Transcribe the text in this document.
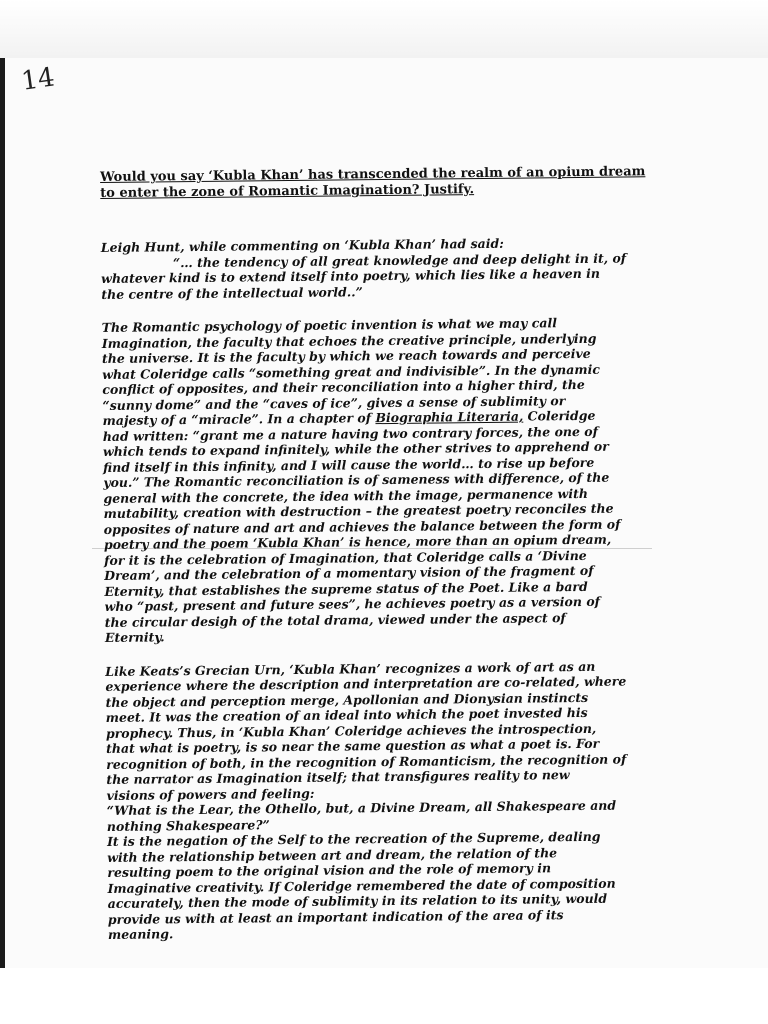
14
Would you say ‘Kubla Khan’ has transcended the realm of an opium dream
to enter the zone of Romantic Imagination? Justify.
Leigh Hunt, while commenting on ‘Kubla Khan’ had said:
“… the tendency of all great knowledge and deep delight in it, of
whatever kind is to extend itself into poetry, which lies like a heaven in
the centre of the intellectual world..”
The Romantic psychology of poetic invention is what we may call
Imagination, the faculty that echoes the creative principle, underlying
the universe. It is the faculty by which we reach towards and perceive
what Coleridge calls “something great and indivisible”. In the dynamic
conflict of opposites, and their reconciliation into a higher third, the
“sunny dome” and the “caves of ice”, gives a sense of sublimity or
majesty of a “miracle”. In a chapter of Biographia Literaria, Coleridge
had written: “grant me a nature having two contrary forces, the one of
which tends to expand infinitely, while the other strives to apprehend or
find itself in this infinity, and I will cause the world… to rise up before
you.” The Romantic reconciliation is of sameness with difference, of the
general with the concrete, the idea with the image, permanence with
mutability, creation with destruction – the greatest poetry reconciles the
opposites of nature and art and achieves the balance between the form of
poetry and the poem ‘Kubla Khan’ is hence, more than an opium dream,
for it is the celebration of Imagination, that Coleridge calls a ‘Divine
Dream’, and the celebration of a momentary vision of the fragment of
Eternity, that establishes the supreme status of the Poet. Like a bard
who “past, present and future sees”, he achieves poetry as a version of
the circular desigh of the total drama, viewed under the aspect of
Eternity.
Like Keats’s Grecian Urn, ‘Kubla Khan’ recognizes a work of art as an
experience where the description and interpretation are co-related, where
the object and perception merge, Apollonian and Dionysian instincts
meet. It was the creation of an ideal into which the poet invested his
prophecy. Thus, in ‘Kubla Khan’ Coleridge achieves the introspection,
that what is poetry, is so near the same question as what a poet is. For
recognition of both, in the recognition of Romanticism, the recognition of
the narrator as Imagination itself; that transfigures reality to new
visions of powers and feeling:
“What is the Lear, the Othello, but, a Divine Dream, all Shakespeare and
nothing Shakespeare?”
It is the negation of the Self to the recreation of the Supreme, dealing
with the relationship between art and dream, the relation of the
resulting poem to the original vision and the role of memory in
Imaginative creativity. If Coleridge remembered the date of composition
accurately, then the mode of sublimity in its relation to its unity, would
provide us with at least an important indication of the area of its
meaning.
